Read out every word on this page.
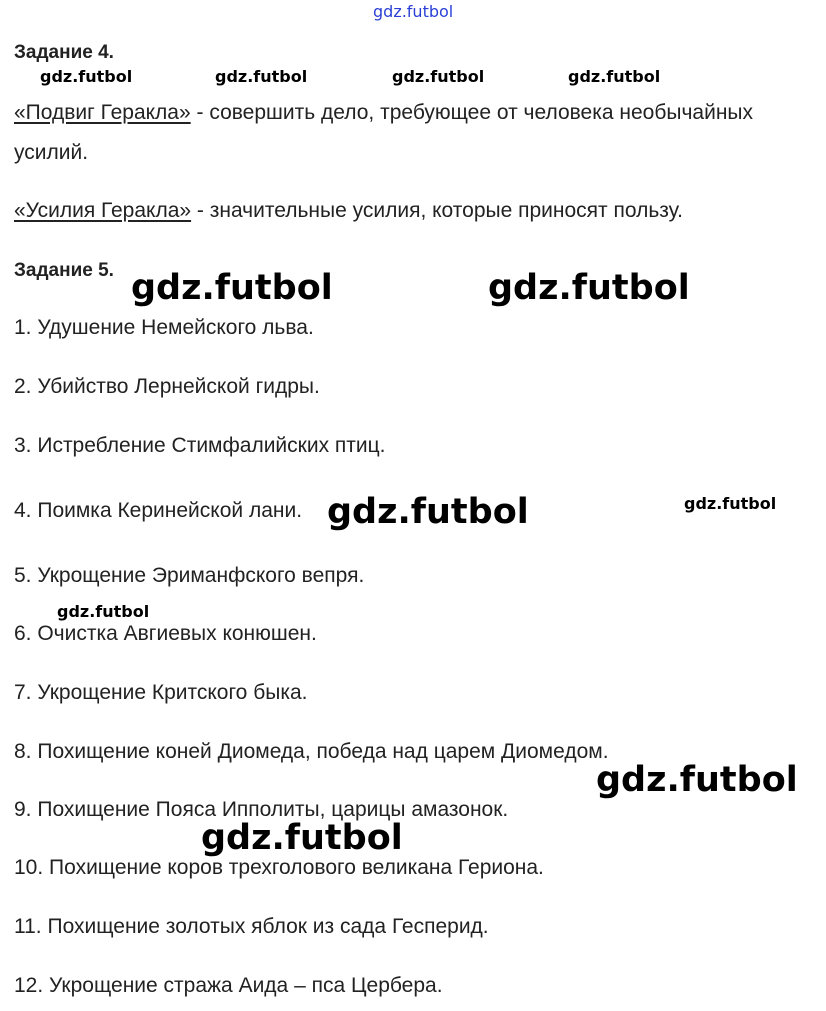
gdz.futbol
Задание 4.
gdz.futbol	gdz.futbol	gdz.futbol	gdz.futbol
«Подвиг Геракла» - совершить дело, требующее от человека необычайных
усилий.
«Усилия Геракла» - значительные усилия, которые приносят пользу.
Задание 5.
1. Удушение Немейского льва.
2. Убийство Лернейской гидры.
3. Истребление Стимфалийских птиц.
4. Поимка Керинейской лани.
5. Укрощение Эриманфского вепря.
6. Очистка Авгиевых конюшен.
7. Укрощение Критского быка.
8. Похищение коней Диомеда, победа над царем Диомедом.
9. Похищение Пояса Ипполиты, царицы амазонок.
10. Похищение коров трехголового великана Гериона.
11. Похищение золотых яблок из сада Гесперид.
12. Укрощение стража Аида – пса Цербера.
gdz.futbol	gdz.futbol
gdz.futbol
gdz.futbol
gdz.futbol
gdz.futbol
gdz.futbol
